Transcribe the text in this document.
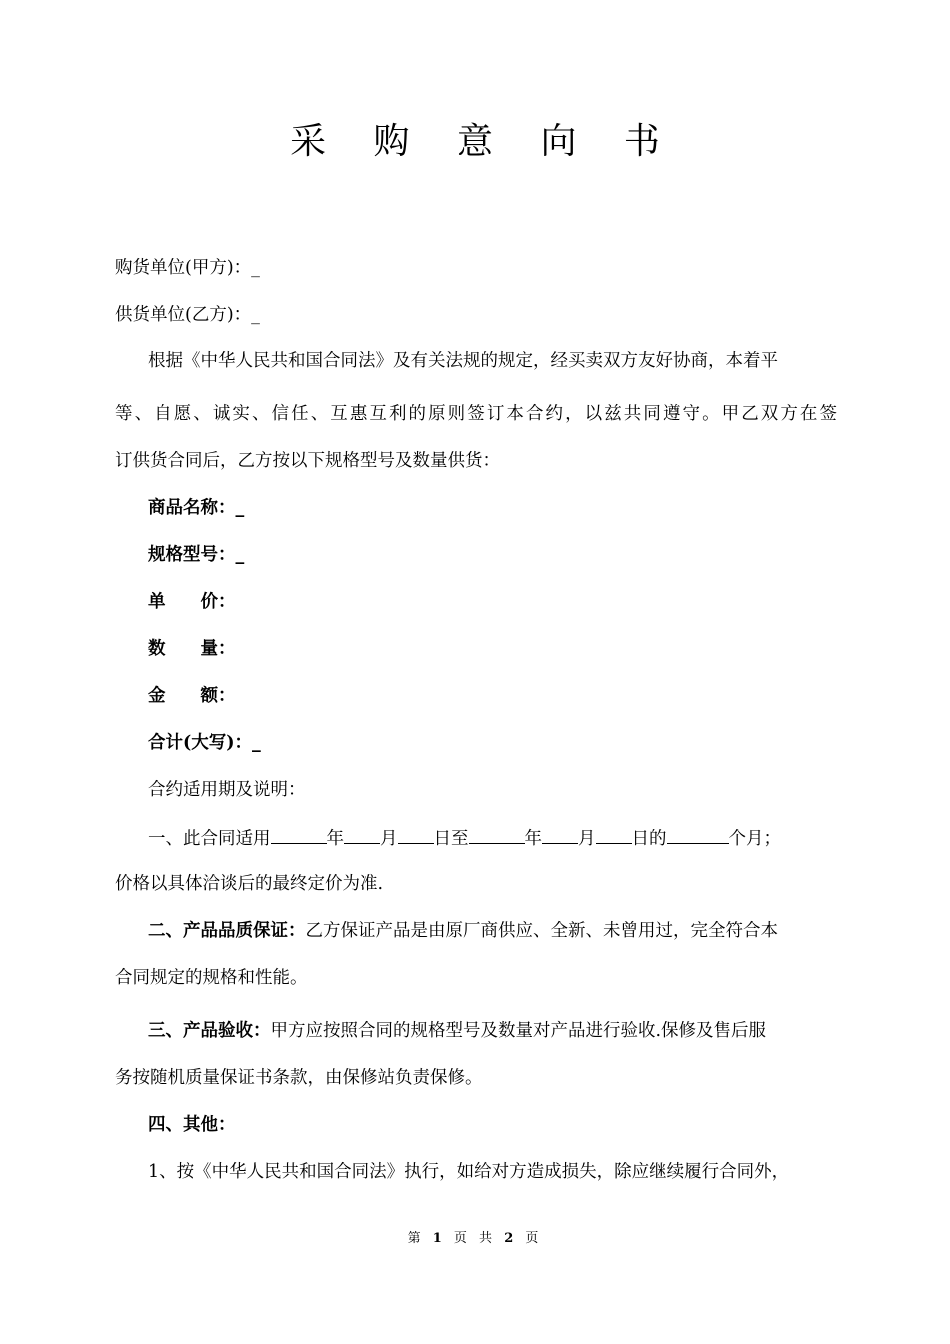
采 购 意 向 书
购货单位(甲方)：_
供货单位(乙方)：_
根据《中华人民共和国合同法》及有关法规的规定，经买卖双方友好协商，本着平
等、自愿、诚实、信任、互惠互利的原则签订本合约，以兹共同遵守。甲乙双方在签
订供货合同后，乙方按以下规格型号及数量供货：
商品名称：_
规格型号：_
单　　价：
数　　量：
金　　额：
合计(大写)：_
合约适用期及说明：
一、此合同适用	年 月 日至	年 月 日的	个月；
价格以具体洽谈后的最终定价为准.
二、产品品质保证：乙方保证产品是由原厂商供应、全新、未曾用过，完全符合本
合同规定的规格和性能。
三、产品验收：甲方应按照合同的规格型号及数量对产品进行验收.保修及售后服
务按随机质量保证书条款，由保修站负责保修。
四、其他：
1、按《中华人民共和国合同法》执行，如给对方造成损失，除应继续履行合同外，
第 1 页 共 2 页
